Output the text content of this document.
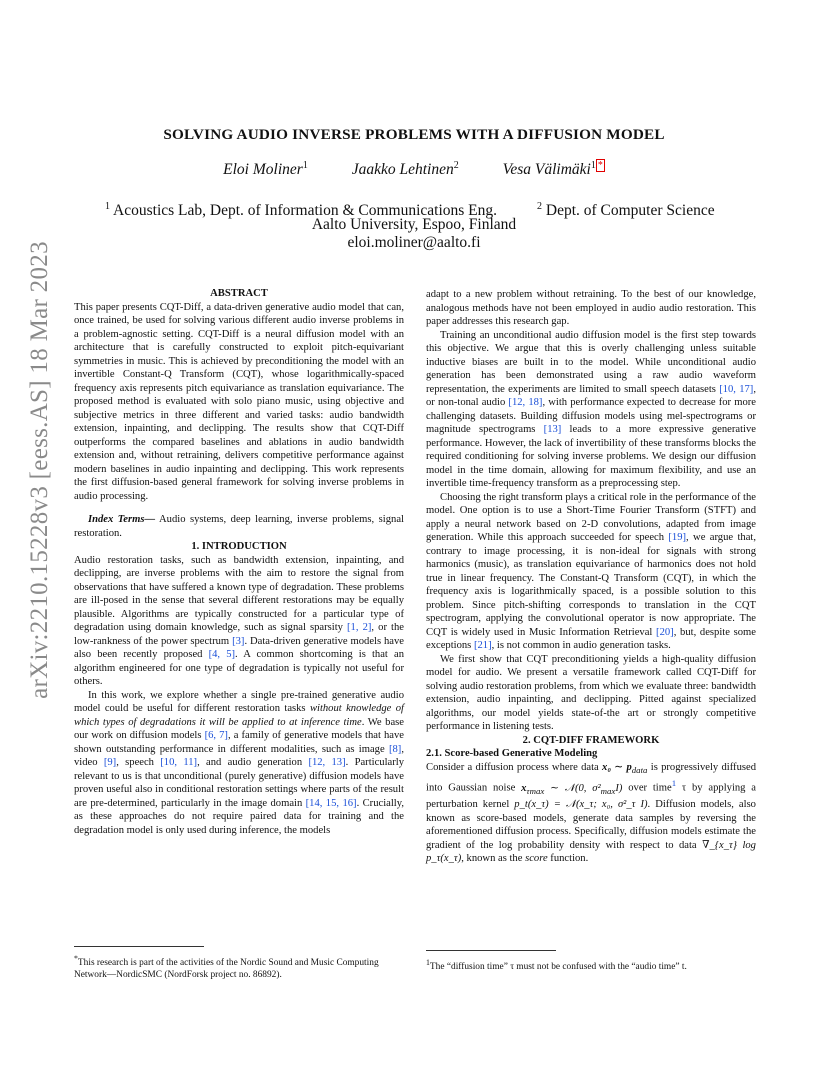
arXiv:2210.15228v3 [eess.AS] 18 Mar 2023
SOLVING AUDIO INVERSE PROBLEMS WITH A DIFFUSION MODEL
Eloi Moliner$^1$	Jaakko Lehtinen$^2$	Vesa Välimäki$^1$ *
$^1$ Acoustics Lab, Dept. of Information & Communications Eng.	$^2$ Dept. of Computer Science
Aalto University, Espoo, Finland
eloi.moliner@aalto.fi

ABSTRACT

This paper presents CQT-Diff, a data-driven generative audio model that can, once trained, be used for solving various different audio inverse problems in a problem-agnostic setting. CQT-Diff is a neural diffusion model with an architecture that is carefully constructed to exploit pitch-equivariant symmetries in music. This is achieved by preconditioning the model with an invertible Constant-Q Transform (CQT), whose logarithmically-spaced frequency axis represents pitch equivariance as translation equivariance. The proposed method is evaluated with solo piano music, using objective and subjective metrics in three different and varied tasks: audio bandwidth extension, inpainting, and declipping. The results show that CQT-Diff outperforms the compared baselines and ablations in audio bandwidth extension and, without retraining, delivers competitive performance against modern baselines in audio inpainting and declipping. This work represents the first diffusion-based general framework for solving inverse problems in audio processing.

Index Terms— Audio systems, deep learning, inverse problems, signal restoration.

1. INTRODUCTION

Audio restoration tasks, such as bandwidth extension, inpainting, and declipping, are inverse problems with the aim to restore the signal from observations that have suffered a known type of degradation. These problems are ill-posed in the sense that several different restorations may be equally plausible. Algorithms are typically constructed for a particular type of degradation using domain knowledge, such as signal sparsity [1, 2], or the low-rankness of the power spectrum [3]. Data-driven generative models have also been recently proposed [4, 5]. A common shortcoming is that an algorithm engineered for one type of degradation is typically not useful for others.

In this work, we explore whether a single pre-trained generative audio model could be useful for different restoration tasks without knowledge of which types of degradations it will be applied to at inference time. We base our work on diffusion models [6, 7], a family of generative models that have shown outstanding performance in different modalities, such as image [8], video [9], speech [10, 11], and audio generation [12, 13]. Particularly relevant to us is that unconditional (purely generative) diffusion models have proven useful also in conditional restoration settings where parts of the result are pre-determined, particularly in the image domain [14, 15, 16]. Crucially, as these approaches do not require paired data for training and the degradation model is only used during inference, the models

adapt to a new problem without retraining. To the best of our knowledge, analogous methods have not been employed in audio audio restoration. This paper addresses this research gap.

Training an unconditional audio diffusion model is the first step towards this objective. We argue that this is overly challenging unless suitable inductive biases are built in to the model. While unconditional audio generation has been demonstrated using a raw audio waveform representation, the experiments are limited to small speech datasets [10, 17], or non-tonal audio [12, 18], with performance expected to decrease for more challenging datasets. Building diffusion models using mel-spectrograms or magnitude spectrograms [13] leads to a more expressive generative performance. However, the lack of invertibility of these transforms blocks the required conditioning for solving inverse problems. We design our diffusion model in the time domain, allowing for maximum flexibility, and use an invertible time-frequency transform as a preprocessing step.

Choosing the right transform plays a critical role in the performance of the model. One option is to use a Short-Time Fourier Transform (STFT) and apply a neural network based on 2-D convolutions, adapted from image generation. While this approach succeeded for speech [19], we argue that, contrary to image processing, it is non-ideal for signals with strong harmonics (music), as translation equivariance of harmonics does not hold true in linear frequency. The Constant-Q Transform (CQT), in which the frequency axis is logarithmically spaced, is a possible solution to this problem. Since pitch-shifting corresponds to translation in the CQT spectrogram, applying the convolutional operator is now appropriate. The CQT is widely used in Music Information Retrieval [20], but, despite some exceptions [21], is not common in audio generation tasks.

We first show that CQT preconditioning yields a high-quality diffusion model for audio. We present a versatile framework called CQT-Diff for solving audio restoration problems, from which we evaluate three: bandwidth extension, audio inpainting, and declipping. Pitted against specialized algorithms, our model yields state-of-the art or strongly competitive performance in listening tests.

2. CQT-DIFF FRAMEWORK

2.1. Score-based Generative Modeling

Consider a diffusion process where data x₀ ∼ $p_{data}$ is progressively diffused into Gaussian noise $x_{\tau max}$ ∼ 𝒩(0, $\sigma^2_{max}I$) over time$^1$ τ by applying a perturbation kernel p_t(x_τ) = 𝒩(x_τ; x₀, σ²_τ I). Diffusion models, also known as score-based models, generate data samples by reversing the aforementioned diffusion process. Specifically, diffusion models estimate the gradient of the log probability density with respect to data ∇_{x_τ} log p_τ(x_τ), known as the score function.

*This research is part of the activities of the Nordic Sound and Music Computing Network—NordicSMC (NordForsk project no. 86892).
$^1$The “diffusion time” τ must not be confused with the “audio time” t.
